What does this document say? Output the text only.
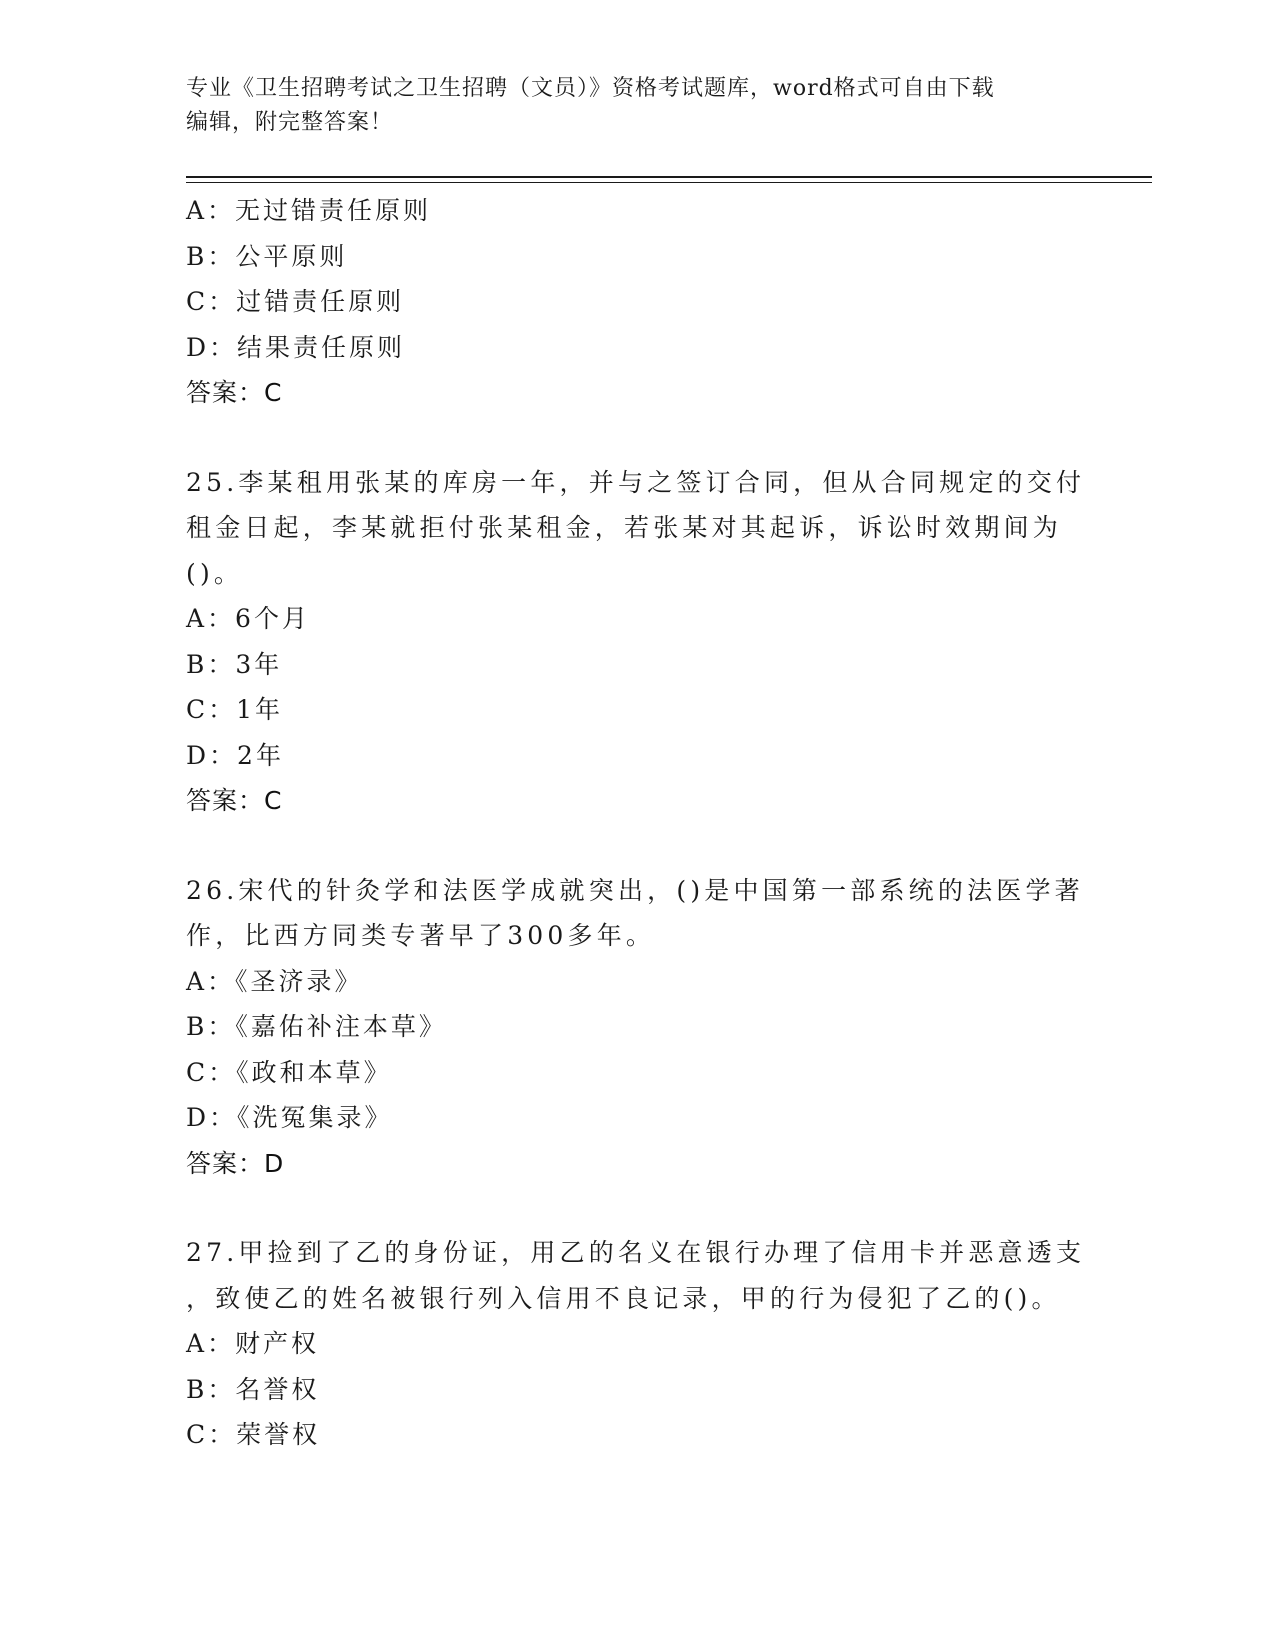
专业《卫生招聘考试之卫生招聘（文员）》资格考试题库，word格式可自由下载
编辑，附完整答案！
A：无过错责任原则
B：公平原则
C：过错责任原则
D：结果责任原则
答案：C
25.李某租用张某的库房一年，并与之签订合同，但从合同规定的交付
租金日起，李某就拒付张某租金，若张某对其起诉，诉讼时效期间为
()。
A：6个月
B：3年
C：1年
D：2年
答案：C
26.宋代的针灸学和法医学成就突出，()是中国第一部系统的法医学著
作，比西方同类专著早了300多年。
A：《圣济录》
B：《嘉佑补注本草》
C：《政和本草》
D：《洗冤集录》
答案：D
27.甲捡到了乙的身份证，用乙的名义在银行办理了信用卡并恶意透支
，致使乙的姓名被银行列入信用不良记录，甲的行为侵犯了乙的()。
A：财产权
B：名誉权
C：荣誉权
